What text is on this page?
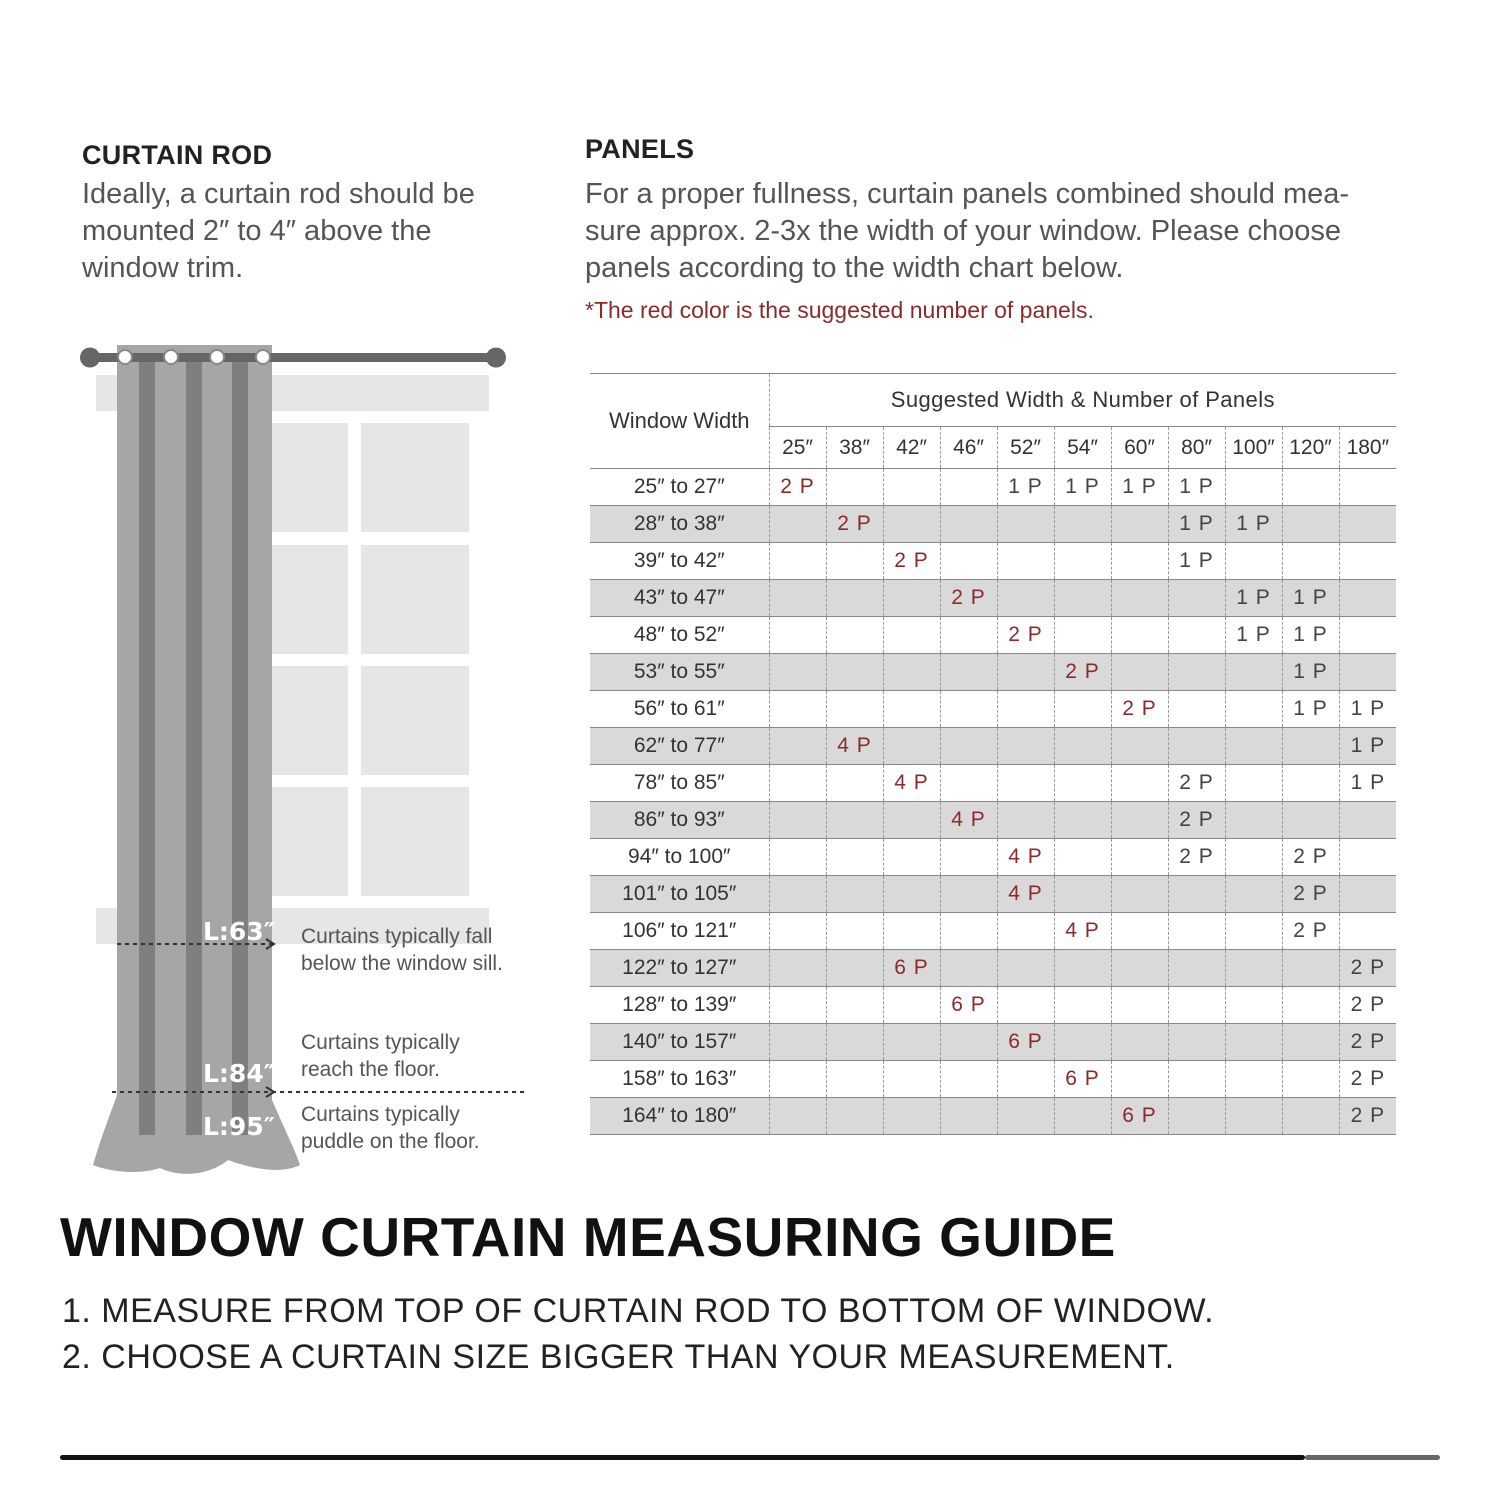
CURTAIN ROD
Ideally, a curtain rod should be
mounted 2″ to 4″ above the
window trim.
PANELS
For a proper fullness, curtain panels combined should mea-
sure approx. 2-3x the width of your window. Please choose
panels according to the width chart below.
*The red color is the suggested number of panels.
L:63″
L:84″
L:95″
Curtains typically fall
below the window sill.
Curtains typically
reach the floor.
Curtains typically
puddle on the floor.
Window Width	Suggested Width & Number of Panels										
	25″	38″	42″	46″	52″	54″	60″	80″	100″	120″	180″
25″ to 27″	2 P				1 P	1 P	1 P	1 P			
28″ to 38″		2 P						1 P	1 P		
39″ to 42″			2 P					1 P			
43″ to 47″				2 P					1 P	1 P	
48″ to 52″					2 P				1 P	1 P	
53″ to 55″						2 P				1 P	
56″ to 61″							2 P			1 P	1 P
62″ to 77″		4 P									1 P
78″ to 85″			4 P					2 P			1 P
86″ to 93″				4 P				2 P			
94″ to 100″					4 P			2 P		2 P	
101″ to 105″					4 P					2 P	
106″ to 121″						4 P				2 P	
122″ to 127″			6 P								2 P
128″ to 139″				6 P							2 P
140″ to 157″					6 P						2 P
158″ to 163″						6 P					2 P
164″ to 180″							6 P				2 P
WINDOW CURTAIN MEASURING GUIDE
1. MEASURE FROM TOP OF CURTAIN ROD TO BOTTOM OF WINDOW.
2. CHOOSE A CURTAIN SIZE BIGGER THAN YOUR MEASUREMENT.
